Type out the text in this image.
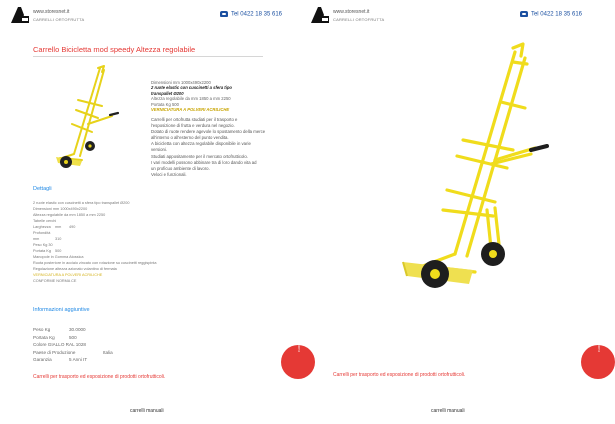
www.storesnet.it
CARRELLI ORTOFRUTTA
Tel 0422 18 35 616
Carrello Bicicletta mod speedy Altezza regolabile
Dimensioni mm 1000x490x2200
2 ruote elastic con cuscinetti a sfera tipo
transpallet Ø200
Altezza regolabile da mm 1850 a mm 2250
Portata Kg 500
VERNICIATURA A POLVERI ACRILICHE
Carrelli per ortofrutta studiati per il trasporto e
l'esposizione di frutta e verdura nel negozio.
Dotato di ruote rendere agevole lo spostamento della merce
all'interno o all'esterno del punto vendita.
A bicicletta con altezza regolabile disponibile in varie
versioni.
Studiati appositamente per il mercato ortofrutticolo.
I vari modelli possono abbinare tra di loro dando vita ad
un proficuo ambiente di lavoro.
Veloci e funzionali.
Dettagli
2 ruote elastic con cuscinetti a sfera tipo transpallet Ø200
Dimensioni mm 1000x490x2200
Altezza regolabile da mm 1850 a mm 2250
Tabelle cerchi
Larghezza mm 490
Profondità mm	310
Peso Kg 30
Portata Kg 500
Manopole in Gomma Atossica
Ruota posteriore in acciaio zincato con rotazione su cuscinetti reggispinta
Regolazione altezza azionato volantino di fermata
VERNICIATURA A POLVERI ACRILICHE
CONFORME NORMA CE
Informazioni aggiuntive
Peso Kg	30.0000
Portata Kg	500
Colore GIALLO RAL 1028
Paese di Produzione	Italia
Garanzia	5 Anni IT
Carrelli per trasporto ed esposizione di prodotti ortofrutticoli.
carrelli manuali
www.storesnet.it
CARRELLI ORTOFRUTTA
Tel 0422 18 35 616
Carrelli per trasporto ed esposizione di prodotti ortofrutticoli.
carrelli manuali
CARRELLI ORTOFRUTTA	CARRELLI ORTOFRUTTA
